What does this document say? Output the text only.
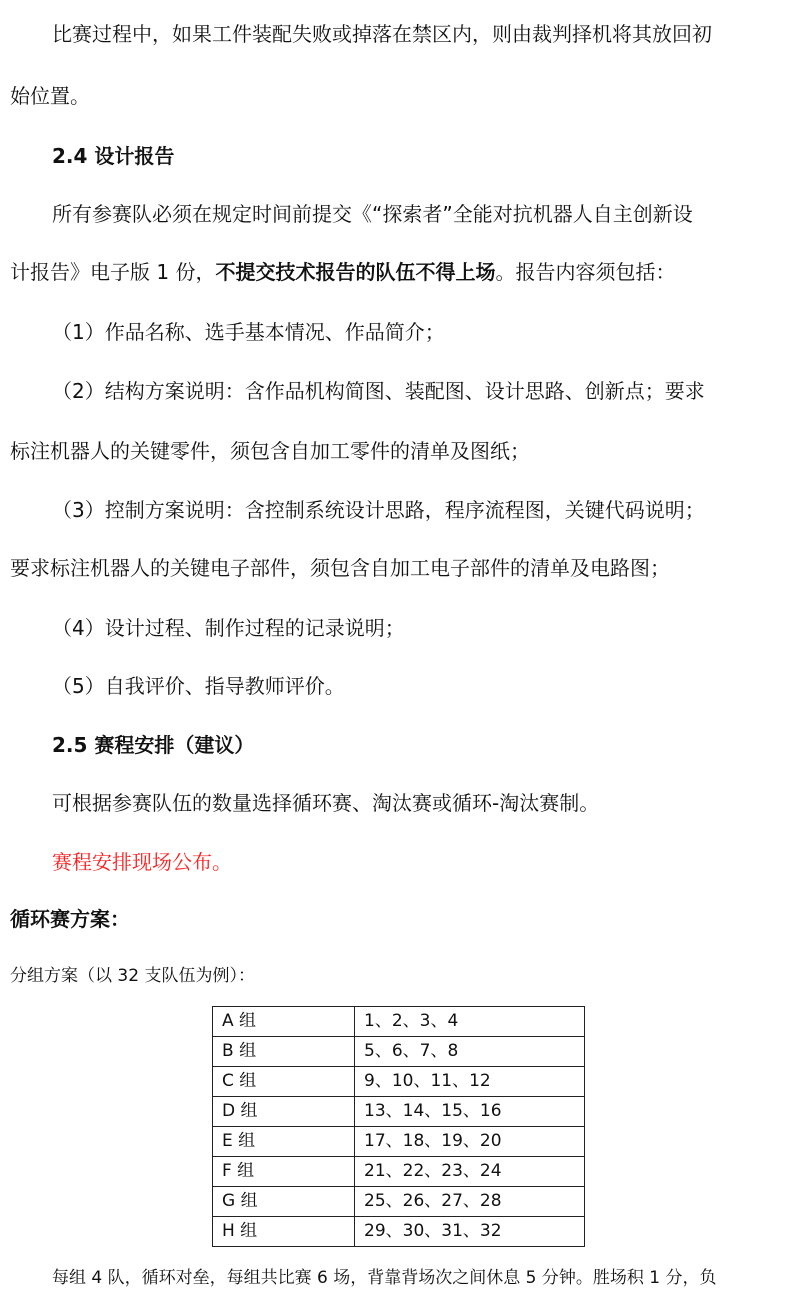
比赛过程中，如果工件装配失败或掉落在禁区内，则由裁判择机将其放回初
始位置。
2.4 设计报告
所有参赛队必须在规定时间前提交《“探索者”全能对抗机器人自主创新设
计报告》电子版 1 份，不提交技术报告的队伍不得上场。报告内容须包括：
（1）作品名称、选手基本情况、作品简介；
（2）结构方案说明：含作品机构简图、装配图、设计思路、创新点；要求
标注机器人的关键零件，须包含自加工零件的清单及图纸；
（3）控制方案说明：含控制系统设计思路，程序流程图，关键代码说明；
要求标注机器人的关键电子部件，须包含自加工电子部件的清单及电路图；
（4）设计过程、制作过程的记录说明；
（5）自我评价、指导教师评价。
2.5 赛程安排（建议）
可根据参赛队伍的数量选择循环赛、淘汰赛或循环-淘汰赛制。
赛程安排现场公布。
循环赛方案：
分组方案（以 32 支队伍为例）：
A 组	1、2、3、4
B 组	5、6、7、8
C 组	9、10、11、12
D 组	13、14、15、16
E 组	17、18、19、20
F 组	21、22、23、24
G 组	25、26、27、28
H 组	29、30、31、32
每组 4 队，循环对垒，每组共比赛 6 场，背靠背场次之间休息 5 分钟。胜场积 1 分，负
